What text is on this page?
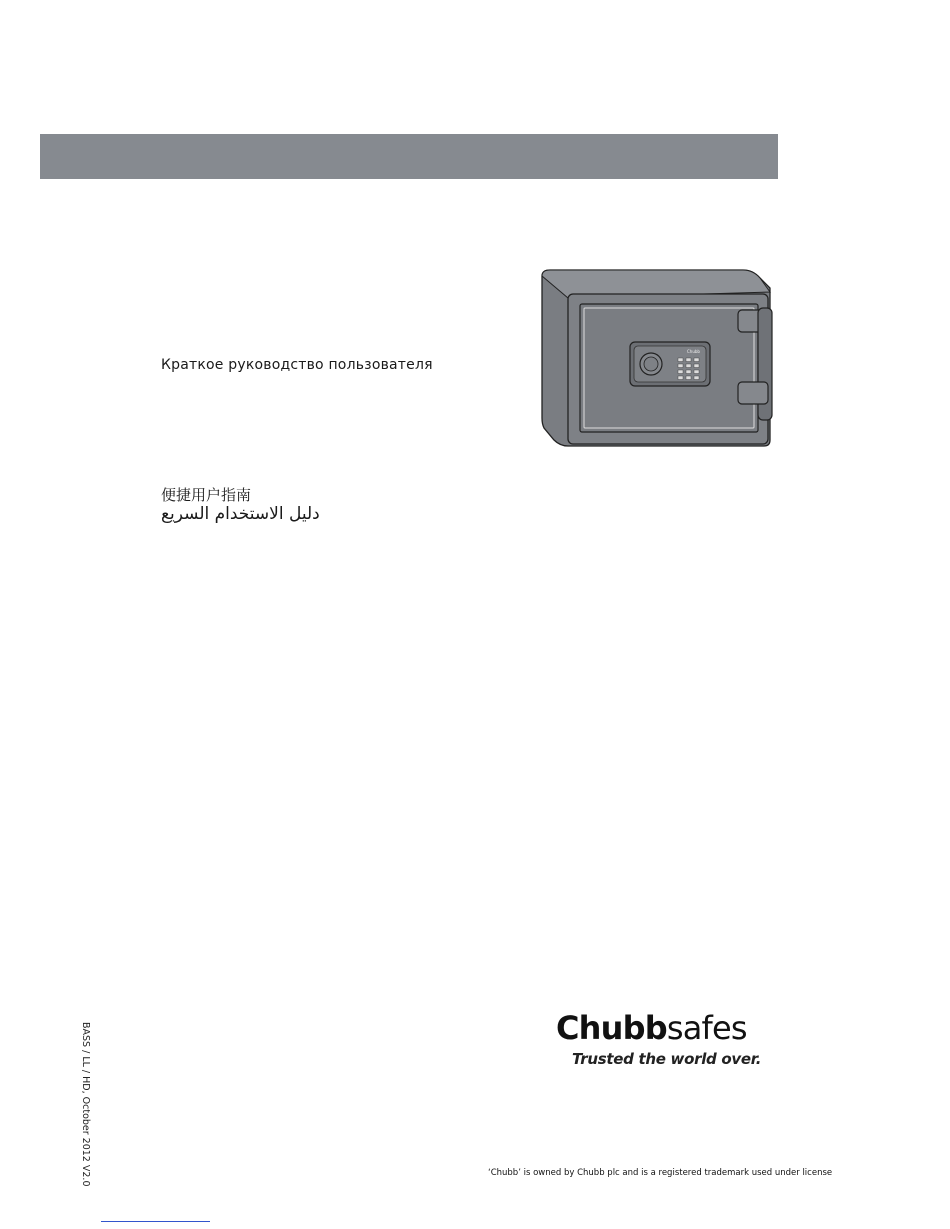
Краткое руководство пользователя
便捷用户指南
دليل الاستخدام السريع
Chubb
Chubbsafes
Trusted the world over.
‘Chubb’ is owned by Chubb plc and is a registered trademark used under license
BASS / LL / HD, October 2012 V2.0
